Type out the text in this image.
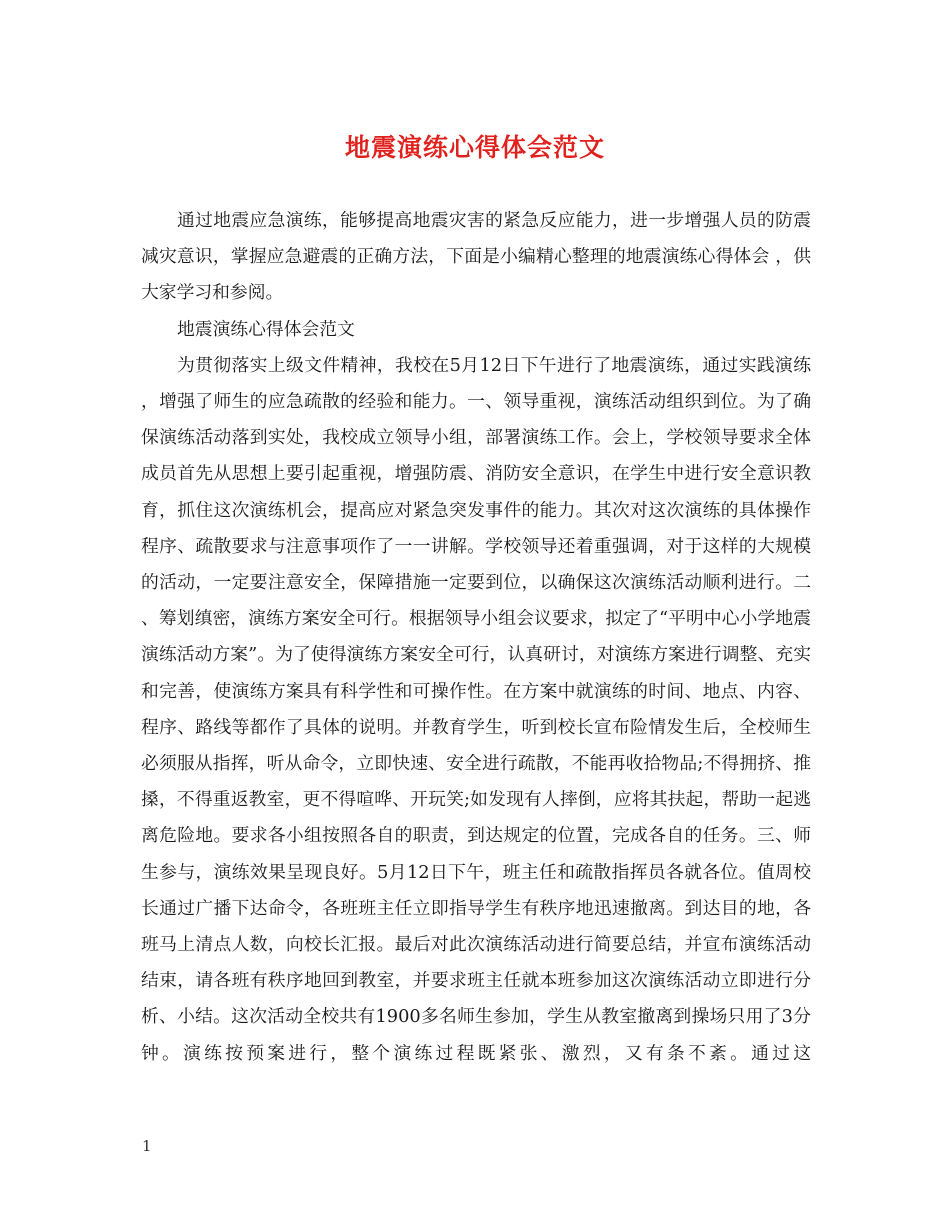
地震演练心得体会范文

通过地震应急演练，能够提高地震灾害的紧急反应能力，进一步增强人员的防震减灾意识，掌握应急避震的正确方法，下面是小编精心整理的地震演练心得体会 ，供大家学习和参阅。

地震演练心得体会范文

为贯彻落实上级文件精神，我校在5月12日下午进行了地震演练，通过实践演练，增强了师生的应急疏散的经验和能力。一、领导重视，演练活动组织到位。为了确保演练活动落到实处，我校成立领导小组，部署演练工作。会上，学校领导要求全体成员首先从思想上要引起重视，增强防震、消防安全意识，在学生中进行安全意识教育，抓住这次演练机会，提高应对紧急突发事件的能力。其次对这次演练的具体操作程序、疏散要求与注意事项作了一一讲解。学校领导还着重强调，对于这样的大规模的活动，一定要注意安全，保障措施一定要到位，以确保这次演练活动顺利进行。二、筹划缜密，演练方案安全可行。根据领导小组会议要求，拟定了“平明中心小学地震演练活动方案”。为了使得演练方案安全可行，认真研讨，对演练方案进行调整、充实和完善，使演练方案具有科学性和可操作性。在方案中就演练的时间、地点、内容、程序、路线等都作了具体的说明。并教育学生，听到校长宣布险情发生后，全校师生必须服从指挥，听从命令，立即快速、安全进行疏散，不能再收拾物品;不得拥挤、推搡，不得重返教室，更不得喧哗、开玩笑;如发现有人摔倒，应将其扶起，帮助一起逃离危险地。要求各小组按照各自的职责，到达规定的位置，完成各自的任务。三、师生参与，演练效果呈现良好。5月12日下午，班主任和疏散指挥员各就各位。值周校长通过广播下达命令，各班班主任立即指导学生有秩序地迅速撤离。到达目的地，各班马上清点人数，向校长汇报。最后对此次演练活动进行简要总结，并宣布演练活动结束，请各班有秩序地回到教室，并要求班主任就本班参加这次演练活动立即进行分析、小结。这次活动全校共有1900多名师生参加，学生从教室撤离到操场只用了3分钟。演练按预案进行，整个演练过程既紧张、激烈，又有条不紊。通过这

1
